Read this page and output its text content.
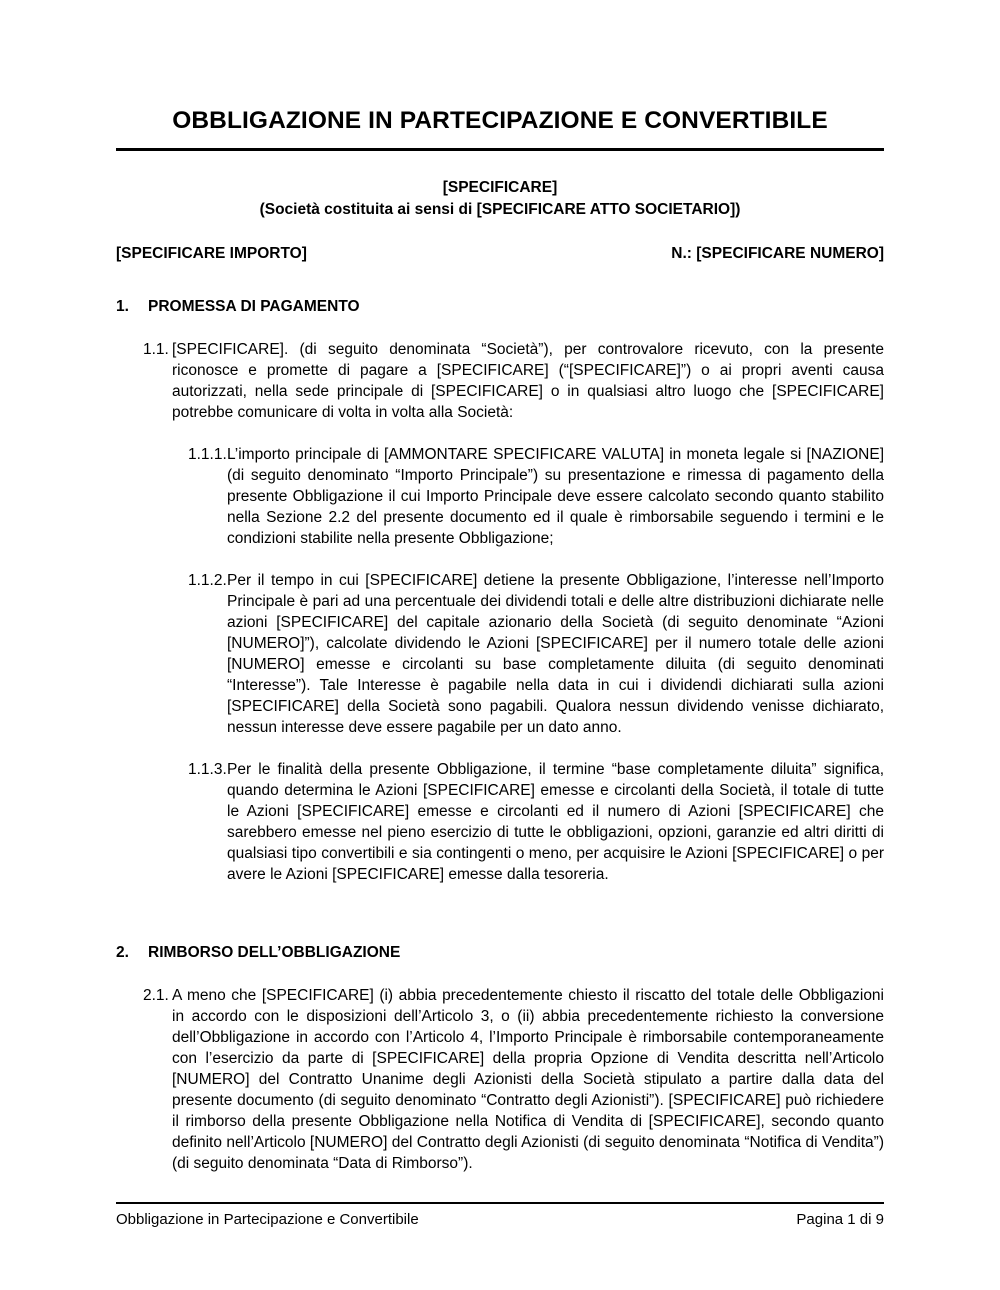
OBBLIGAZIONE IN PARTECIPAZIONE E CONVERTIBILE
[SPECIFICARE]
(Società costituita ai sensi di [SPECIFICARE ATTO SOCIETARIO])
[SPECIFICARE IMPORTO]	N.: [SPECIFICARE NUMERO]
1.	PROMESSA DI PAGAMENTO
1.1. [SPECIFICARE]. (di seguito denominata “Società”), per controvalore ricevuto, con la presente riconosce e promette di pagare a [SPECIFICARE] (“[SPECIFICARE]”) o ai propri aventi causa autorizzati, nella sede principale di [SPECIFICARE] o in qualsiasi altro luogo che [SPECIFICARE] potrebbe comunicare di volta in volta alla Società:
1.1.1. L’importo principale di [AMMONTARE SPECIFICARE VALUTA] in moneta legale si [NAZIONE] (di seguito denominato “Importo Principale”) su presentazione e rimessa di pagamento della presente Obbligazione il cui Importo Principale deve essere calcolato secondo quanto stabilito nella Sezione 2.2 del presente documento ed il quale è rimborsabile seguendo i termini e le condizioni stabilite nella presente Obbligazione;
1.1.2. Per il tempo in cui [SPECIFICARE] detiene la presente Obbligazione, l’interesse nell’Importo Principale è pari ad una percentuale dei dividendi totali e delle altre distribuzioni dichiarate nelle azioni [SPECIFICARE] del capitale azionario della Società (di seguito denominate “Azioni [NUMERO]”), calcolate dividendo le Azioni [SPECIFICARE] per il numero totale delle azioni [NUMERO] emesse e circolanti su base completamente diluita (di seguito denominati “Interesse”). Tale Interesse è pagabile nella data in cui i dividendi dichiarati sulla azioni [SPECIFICARE] della Società sono pagabili. Qualora nessun dividendo venisse dichiarato, nessun interesse deve essere pagabile per un dato anno.
1.1.3. Per le finalità della presente Obbligazione, il termine “base completamente diluita” significa, quando determina le Azioni [SPECIFICARE] emesse e circolanti della Società, il totale di tutte le Azioni [SPECIFICARE] emesse e circolanti ed il numero di Azioni [SPECIFICARE] che sarebbero emesse nel pieno esercizio di tutte le obbligazioni, opzioni, garanzie ed altri diritti di qualsiasi tipo convertibili e sia contingenti o meno, per acquisire le Azioni [SPECIFICARE] o per avere le Azioni [SPECIFICARE] emesse dalla tesoreria.
2.	RIMBORSO DELL’OBBLIGAZIONE
2.1. A meno che [SPECIFICARE] (i) abbia precedentemente chiesto il riscatto del totale delle Obbligazioni in accordo con le disposizioni dell’Articolo 3, o (ii) abbia precedentemente richiesto la conversione dell’Obbligazione in accordo con l’Articolo 4, l’Importo Principale è rimborsabile contemporaneamente con l’esercizio da parte di [SPECIFICARE] della propria Opzione di Vendita descritta nell’Articolo [NUMERO] del Contratto Unanime degli Azionisti della Società stipulato a partire dalla data del presente documento (di seguito denominato “Contratto degli Azionisti”). [SPECIFICARE] può richiedere il rimborso della presente Obbligazione nella Notifica di Vendita di [SPECIFICARE], secondo quanto definito nell’Articolo [NUMERO] del Contratto degli Azionisti (di seguito denominata “Notifica di Vendita”) (di seguito denominata “Data di Rimborso”).
Obbligazione in Partecipazione e Convertibile	Pagina 1 di 9
